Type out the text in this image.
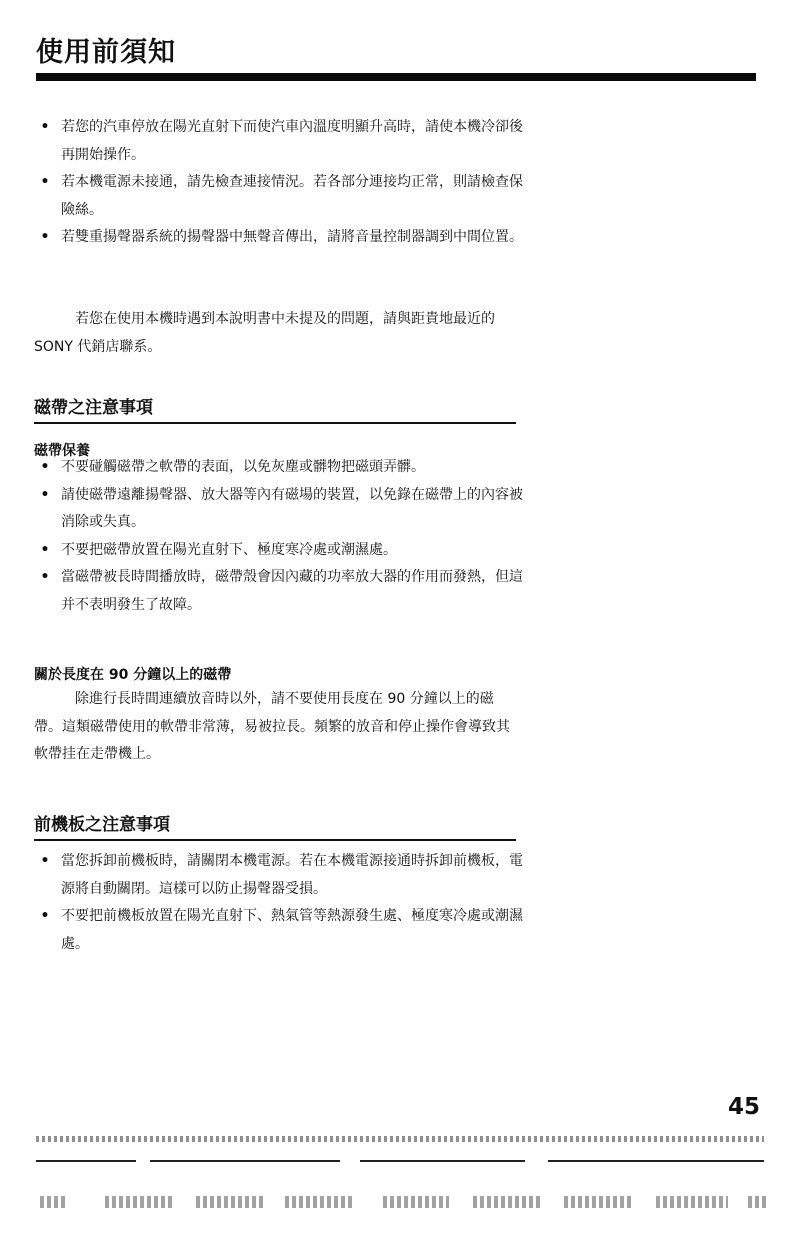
使用前須知
• 若您的汽車停放在陽光直射下而使汽車內溫度明顯升高時，請使本機冷卻後再開始操作。
• 若本機電源未接通，請先檢查連接情況。若各部分連接均正常，則請檢查保險絲。
• 若雙重揚聲器系統的揚聲器中無聲音傳出，請將音量控制器調到中間位置。

若您在使用本機時遇到本說明書中未提及的問題，請與距貴地最近的 SONY 代銷店聯系。

磁帶之注意事項
磁帶保養
• 不要碰觸磁帶之軟帶的表面，以免灰塵或髒物把磁頭弄髒。
• 請使磁帶遠離揚聲器、放大器等內有磁場的裝置，以免錄在磁帶上的內容被消除或失真。
• 不要把磁帶放置在陽光直射下、極度寒冷處或潮濕處。
• 當磁帶被長時間播放時，磁帶殼會因內藏的功率放大器的作用而發熱，但這并不表明發生了故障。
關於長度在 90 分鐘以上的磁帶

除進行長時間連續放音時以外，請不要使用長度在 90 分鐘以上的磁帶。這類磁帶使用的軟帶非常薄，易被拉長。頻繁的放音和停止操作會導致其軟帶挂在走帶機上。

前機板之注意事項
• 當您拆卸前機板時，請關閉本機電源。若在本機電源接通時拆卸前機板，電源將自動關閉。這樣可以防止揚聲器受損。
• 不要把前機板放置在陽光直射下、熱氣管等熱源發生處、極度寒冷處或潮濕處。
45
